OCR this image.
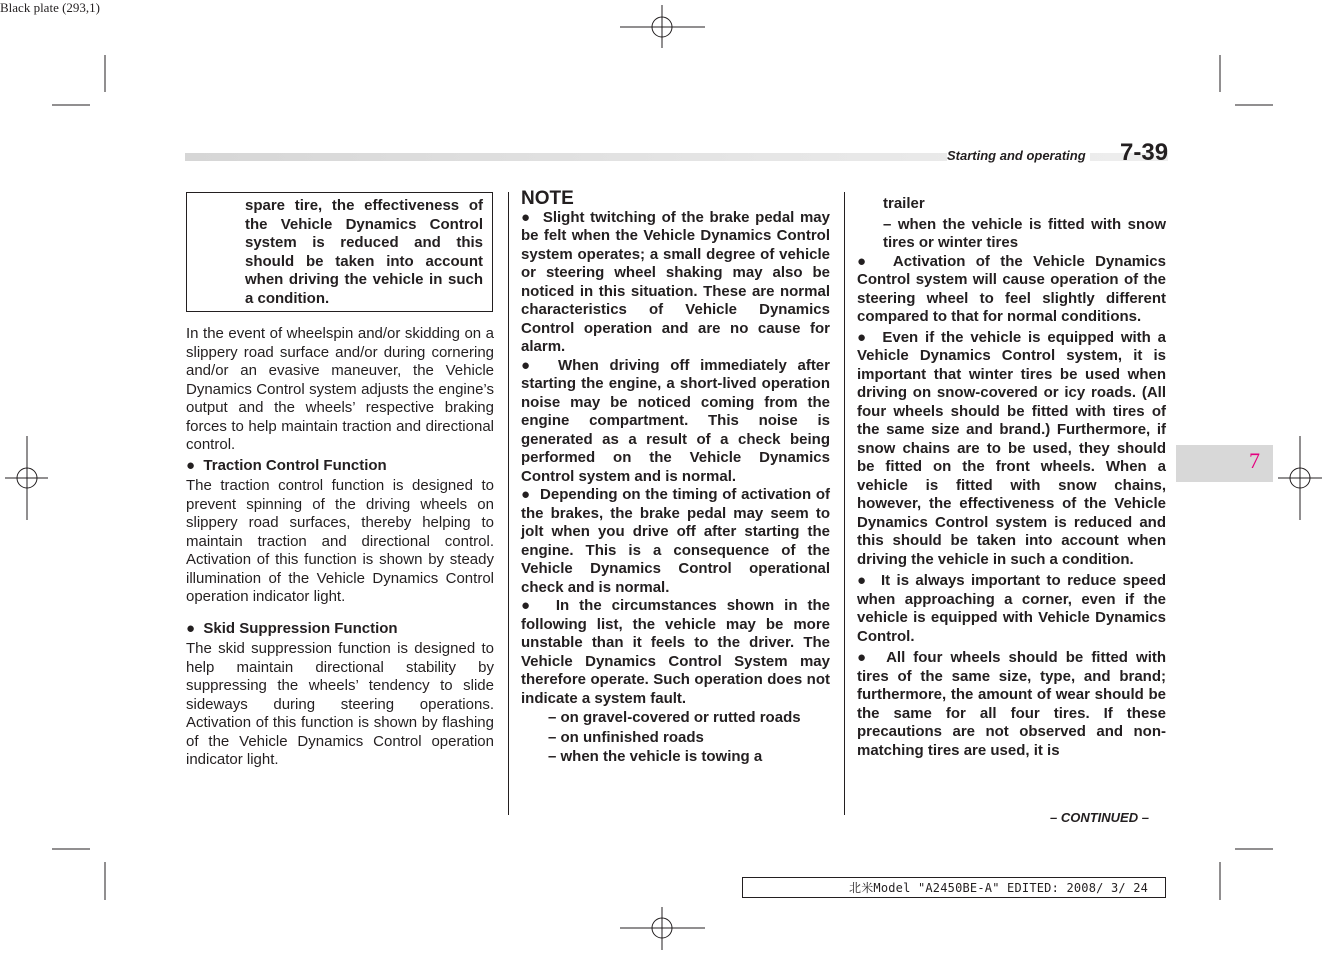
Black plate (293,1)
Starting and operating 7-39
7
spare tire, the effectiveness of the Vehicle Dynamics Control system is reduced and this should be taken into account when driving the vehicle in such a condition.

In the event of wheelspin and/or skidding on a slippery road surface and/or during cornering and/or an evasive maneuver, the Vehicle Dynamics Control system adjusts the engine’s output and the wheels’ respective braking forces to help maintain traction and directional control.

● Traction Control Function

The traction control function is designed to prevent spinning of the driving wheels on slippery road surfaces, thereby helping to maintain traction and directional control. Activation of this function is shown by steady illumination of the Vehicle Dynamics Control operation indicator light.

● Skid Suppression Function

The skid suppression function is designed to help maintain directional stability by suppressing the wheels’ tendency to slide sideways during steering operations. Activation of this function is shown by flashing of the Vehicle Dynamics Control operation indicator light.

NOTE

● Slight twitching of the brake pedal may be felt when the Vehicle Dynamics Control system operates; a small degree of vehicle or steering wheel shaking may also be noticed in this situation. These are normal characteristics of Vehicle Dynamics Control operation and are no cause for alarm.

● When driving off immediately after starting the engine, a short-lived operation noise may be noticed coming from the engine compartment. This noise is generated as a result of a check being performed on the Vehicle Dynamics Control system and is normal.

● Depending on the timing of activation of the brakes, the brake pedal may seem to jolt when you drive off after starting the engine. This is a consequence of the Vehicle Dynamics Control operational check and is normal.

● In the circumstances shown in the following list, the vehicle may be more unstable than it feels to the driver. The Vehicle Dynamics Control System may therefore operate. Such operation does not indicate a system fault.

– on gravel-covered or rutted roads

– on unfinished roads

– when the vehicle is towing a

trailer

– when the vehicle is fitted with snow tires or winter tires

● Activation of the Vehicle Dynamics Control system will cause operation of the steering wheel to feel slightly different compared to that for normal conditions.

● Even if the vehicle is equipped with a Vehicle Dynamics Control system, it is important that winter tires be used when driving on snow-covered or icy roads. (All four wheels should be fitted with tires of the same size and brand.) Furthermore, if snow chains are to be used, they should be fitted on the front wheels. When a vehicle is fitted with snow chains, however, the effectiveness of the Vehicle Dynamics Control system is reduced and this should be taken into account when driving the vehicle in such a condition.

● It is always important to reduce speed when approaching a corner, even if the vehicle is equipped with Vehicle Dynamics Control.

● All four wheels should be fitted with tires of the same size, type, and brand; furthermore, the amount of wear should be the same for all four tires. If these precautions are not observed and non-matching tires are used, it is

– CONTINUED –
北米Model "A2450BE-A" EDITED: 2008/ 3/ 24
